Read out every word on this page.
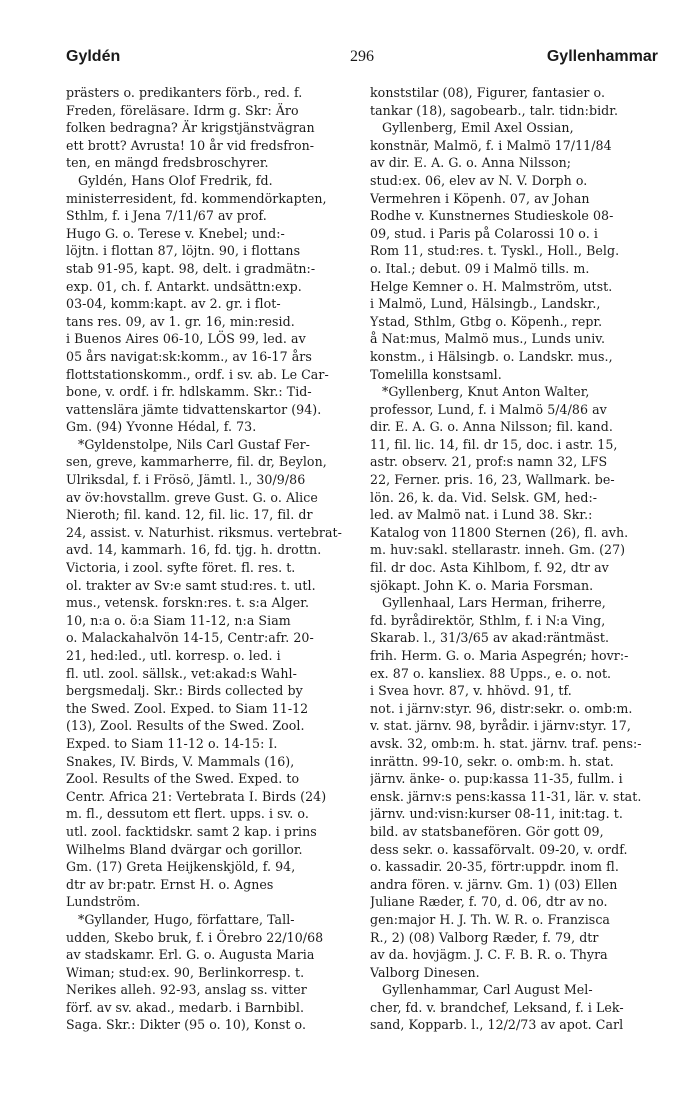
Gyldén	296	Gyllenhammar
prästers o. predikanters förb., red. f.
Freden, föreläsare. Idrm g. Skr: Äro
folken bedragna? Är krigstjänstvägran
ett brott? Avrusta! 10 år vid fredsfron-
ten, en mängd fredsbroschyrer.
Gyldén, Hans Olof Fredrik, fd.
ministerresident, fd. kommendörkapten,
Sthlm, f. i Jena 7/11/67 av prof.
Hugo G. o. Terese v. Knebel; und:-
löjtn. i flottan 87, löjtn. 90, i flottans
stab 91-95, kapt. 98, delt. i gradmätn:-
exp. 01, ch. f. Antarkt. undsättn:exp.
03-04, komm:kapt. av 2. gr. i flot-
tans res. 09, av 1. gr. 16, min:resid.
i Buenos Aires 06-10, LÖS 99, led. av
05 års navigat:sk:komm., av 16-17 års
flottstationskomm., ordf. i sv. ab. Le Car-
bone, v. ordf. i fr. hdlskamm. Skr.: Tid-
vattenslära jämte tidvattenskartor (94).
Gm. (94) Yvonne Hédal, f. 73.
*Gyldenstolpe, Nils Carl Gustaf Fer-
sen, greve, kammarherre, fil. dr, Beylon,
Ulriksdal, f. i Frösö, Jämtl. l., 30/9/86
av öv:hovstallm. greve Gust. G. o. Alice
Nieroth; fil. kand. 12, fil. lic. 17, fil. dr
24, assist. v. Naturhist. riksmus. vertebrat-
avd. 14, kammarh. 16, fd. tjg. h. drottn.
Victoria, i zool. syfte föret. fl. res. t.
ol. trakter av Sv:e samt stud:res. t. utl.
mus., vetensk. forskn:res. t. s:a Alger.
10, n:a o. ö:a Siam 11-12, n:a Siam
o. Malackahalvön 14-15, Centr:afr. 20-
21, hed:led., utl. korresp. o. led. i
fl. utl. zool. sällsk., vet:akad:s Wahl-
bergsmedalj. Skr.: Birds collected by
the Swed. Zool. Exped. to Siam 11-12
(13), Zool. Results of the Swed. Zool.
Exped. to Siam 11-12 o. 14-15: I.
Snakes, IV. Birds, V. Mammals (16),
Zool. Results of the Swed. Exped. to
Centr. Africa 21: Vertebrata I. Birds (24)
m. fl., dessutom ett flert. upps. i sv. o.
utl. zool. facktidskr. samt 2 kap. i prins
Wilhelms Bland dvärgar och gorillor.
Gm. (17) Greta Heijkenskjöld, f. 94,
dtr av br:patr. Ernst H. o. Agnes
Lundström.
*Gyllander, Hugo, författare, Tall-
udden, Skebo bruk, f. i Örebro 22/10/68
av stadskamr. Erl. G. o. Augusta Maria
Wiman; stud:ex. 90, Berlinkorresp. t.
Nerikes alleh. 92-93, anslag ss. vitter
förf. av sv. akad., medarb. i Barnbibl.
Saga. Skr.: Dikter (95 o. 10), Konst o.
konststilar (08), Figurer, fantasier o.
tankar (18), sagobearb., talr. tidn:bidr.
Gyllenberg, Emil Axel Ossian,
konstnär, Malmö, f. i Malmö 17/11/84
av dir. E. A. G. o. Anna Nilsson;
stud:ex. 06, elev av N. V. Dorph o.
Vermehren i Köpenh. 07, av Johan
Rodhe v. Kunstnernes Studieskole 08-
09, stud. i Paris på Colarossi 10 o. i
Rom 11, stud:res. t. Tyskl., Holl., Belg.
o. Ital.; debut. 09 i Malmö tills. m.
Helge Kemner o. H. Malmström, utst.
i Malmö, Lund, Hälsingb., Landskr.,
Ystad, Sthlm, Gtbg o. Köpenh., repr.
å Nat:mus, Malmö mus., Lunds univ.
konstm., i Hälsingb. o. Landskr. mus.,
Tomelilla konstsaml.
*Gyllenberg, Knut Anton Walter,
professor, Lund, f. i Malmö 5/4/86 av
dir. E. A. G. o. Anna Nilsson; fil. kand.
11, fil. lic. 14, fil. dr 15, doc. i astr. 15,
astr. observ. 21, prof:s namn 32, LFS
22, Ferner. pris. 16, 23, Wallmark. be-
lön. 26, k. da. Vid. Selsk. GM, hed:-
led. av Malmö nat. i Lund 38. Skr.:
Katalog von 11800 Sternen (26), fl. avh.
m. huv:sakl. stellarastr. inneh. Gm. (27)
fil. dr doc. Asta Kihlbom, f. 92, dtr av
sjökapt. John K. o. Maria Forsman.
Gyllenhaal, Lars Herman, friherre,
fd. byrådirektör, Sthlm, f. i N:a Ving,
Skarab. l., 31/3/65 av akad:räntmäst.
frih. Herm. G. o. Maria Aspegrén; hovr:-
ex. 87 o. kansliex. 88 Upps., e. o. not.
i Svea hovr. 87, v. hhövd. 91, tf.
not. i järnv:styr. 96, distr:sekr. o. omb:m.
v. stat. järnv. 98, byrådir. i järnv:styr. 17,
avsk. 32, omb:m. h. stat. järnv. traf. pens:-
inrättn. 99-10, sekr. o. omb:m. h. stat.
järnv. änke- o. pup:kassa 11-35, fullm. i
ensk. järnv:s pens:kassa 11-31, lär. v. stat.
järnv. und:visn:kurser 08-11, init:tag. t.
bild. av statsbanefören. Gör gott 09,
dess sekr. o. kassaförvalt. 09-20, v. ordf.
o. kassadir. 20-35, förtr:uppdr. inom fl.
andra fören. v. järnv. Gm. 1) (03) Ellen
Juliane Ræder, f. 70, d. 06, dtr av no.
gen:major H. J. Th. W. R. o. Franzisca
R., 2) (08) Valborg Ræder, f. 79, dtr
av da. hovjägm. J. C. F. B. R. o. Thyra
Valborg Dinesen.
Gyllenhammar, Carl August Mel-
cher, fd. v. brandchef, Leksand, f. i Lek-
sand, Kopparb. l., 12/2/73 av apot. Carl
